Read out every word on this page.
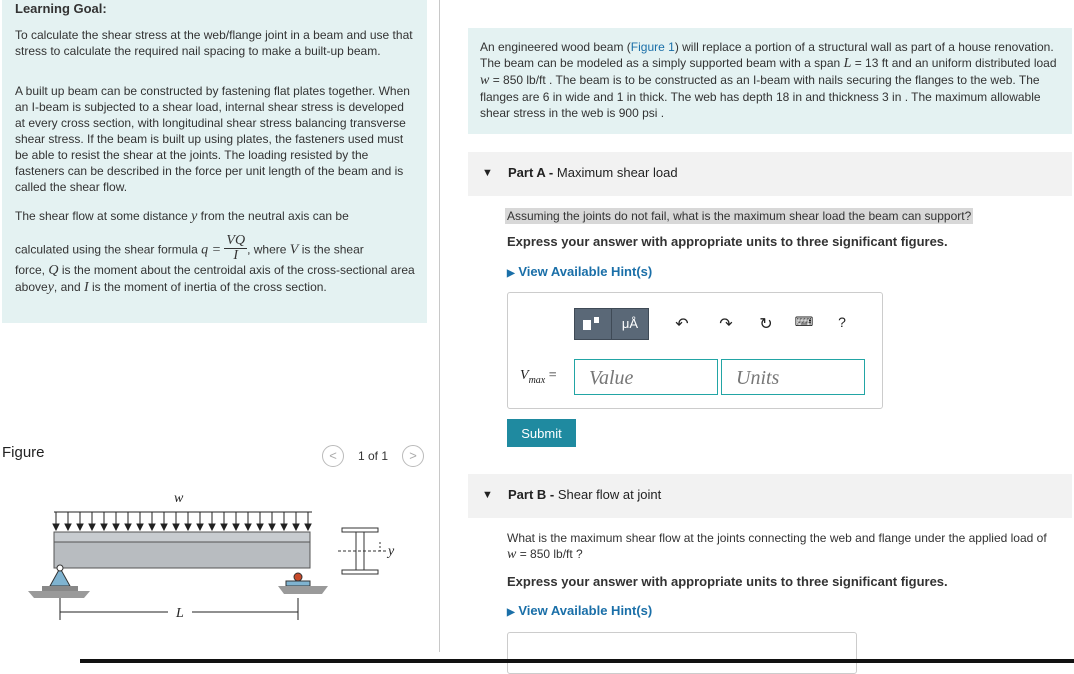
Learning Goal:

To calculate the shear stress at the web/flange joint in a beam and use that stress to calculate the required nail spacing to make a built-up beam.

A built up beam can be constructed by fastening flat plates together. When an I-beam is subjected to a shear load, internal shear stress is developed at every cross section, with longitudinal shear stress balancing transverse shear stress. If the beam is built up using plates, the fasteners used must be able to resist the shear at the joints. The loading resisted by the fasteners can be described in the force per unit length of the beam and is called the shear flow.

The shear flow at some distance y from the neutral axis can be

calculated using the shear formula $q = \frac{VQ}{I}$ , where V is the shear

force, Q is the moment about the centroidal axis of the cross-sectional area abovey, and I is the moment of inertia of the cross section.

Figure	<	1 of 1	>
w
L
y

An engineered wood beam (Figure 1) will replace a portion of a structural wall as part of a house renovation. The beam can be modeled as a simply supported beam with a span L = 13 ft and an uniform distributed load w = 850 lb/ft . The beam is to be constructed as an I-beam with nails securing the flanges to the web. The flanges are 6 in wide and 1 in thick. The web has depth 18 in and thickness 3 in . The maximum allowable shear stress in the web is 900 psi .

▼ Part A - Maximum shear load
Assuming the joints do not fail, what is the maximum shear load the beam can support?
Express your answer with appropriate units to three significant figures.
▶ View Available Hint(s)
μÅ	↶ ↷ ↻ ⌨	?
$V_{max}$ =	Value	Units
Submit
▼ Part B - Shear flow at joint
What is the maximum shear flow at the joints connecting the web and flange under the applied load of w = 850 lb/ft ?
Express your answer with appropriate units to three significant figures.
▶ View Available Hint(s)
